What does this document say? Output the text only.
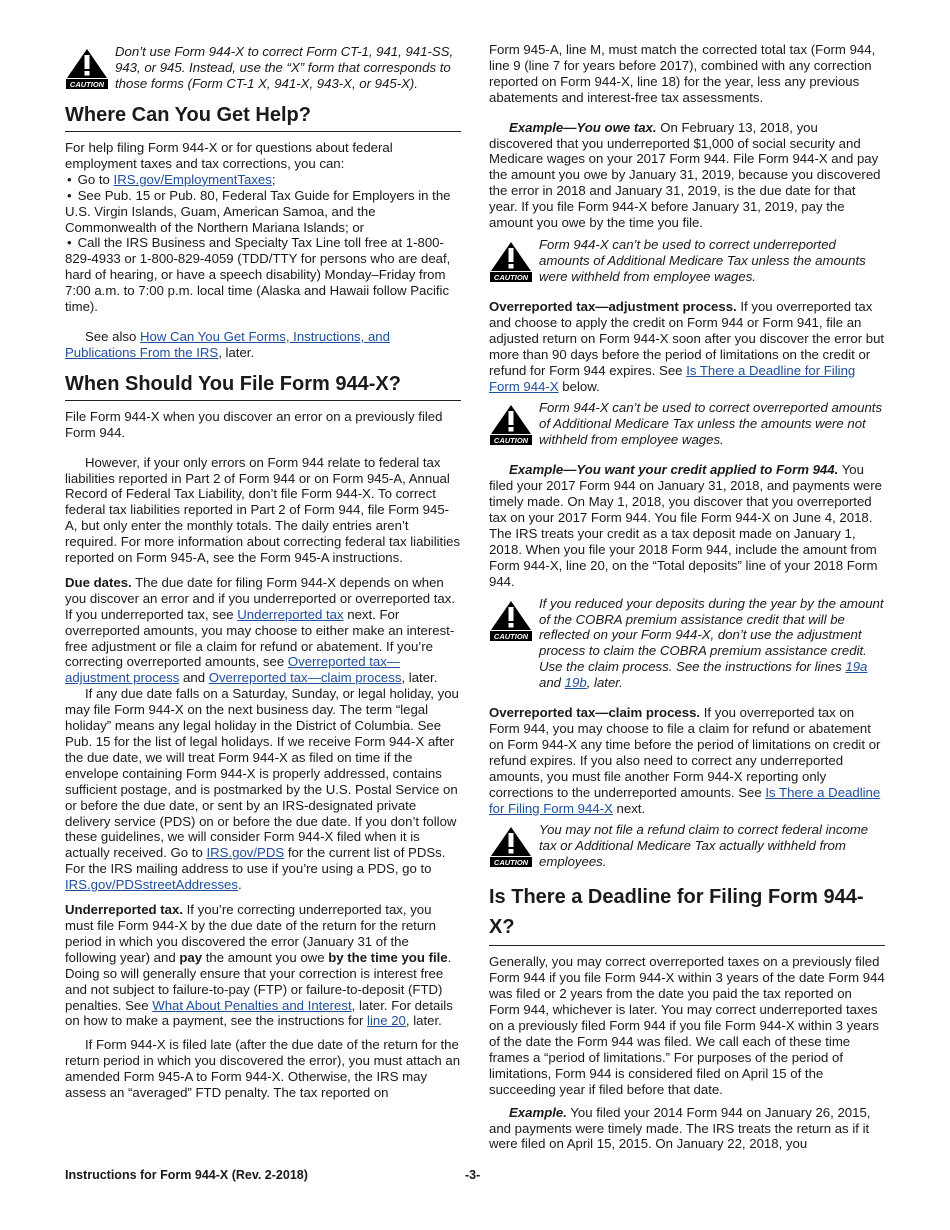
CAUTION
Don’t use Form 944-X to correct Form CT-1, 941, 941-SS, 943, or 945. Instead, use the “X” form that corresponds to those forms (Form CT-1 X, 941-X, 943-X, or 945-X).
Where Can You Get Help?

For help filing Form 944-X or for questions about federal employment taxes and tax corrections, you can:

• Go to IRS.gov/EmploymentTaxes;

• See Pub. 15 or Pub. 80, Federal Tax Guide for Employers in the U.S. Virgin Islands, Guam, American Samoa, and the Commonwealth of the Northern Mariana Islands; or

• Call the IRS Business and Specialty Tax Line toll free at 1-800-829-4933 or 1-800-829-4059 (TDD/TTY for persons who are deaf, hard of hearing, or have a speech disability) Monday–Friday from 7:00 a.m. to 7:00 p.m. local time (Alaska and Hawaii follow Pacific time).

See also How Can You Get Forms, Instructions, and Publications From the IRS, later.

When Should You File Form 944-X?

File Form 944-X when you discover an error on a previously filed Form 944.

However, if your only errors on Form 944 relate to federal tax liabilities reported in Part 2 of Form 944 or on Form 945-A, Annual Record of Federal Tax Liability, don’t file Form 944-X. To correct federal tax liabilities reported in Part 2 of Form 944, file Form 945-A, but only enter the monthly totals. The daily entries aren’t required. For more information about correcting federal tax liabilities reported on Form 945-A, see the Form 945-A instructions.

Due dates. The due date for filing Form 944-X depends on when you discover an error and if you underreported or overreported tax. If you underreported tax, see Underreported tax next. For overreported amounts, you may choose to either make an interest-free adjustment or file a claim for refund or abatement. If you’re correcting overreported amounts, see Overreported tax—adjustment process and Overreported tax—claim process, later.

If any due date falls on a Saturday, Sunday, or legal holiday, you may file Form 944-X on the next business day. The term “legal holiday” means any legal holiday in the District of Columbia. See Pub. 15 for the list of legal holidays. If we receive Form 944-X after the due date, we will treat Form 944-X as filed on time if the envelope containing Form 944-X is properly addressed, contains sufficient postage, and is postmarked by the U.S. Postal Service on or before the due date, or sent by an IRS-designated private delivery service (PDS) on or before the due date. If you don’t follow these guidelines, we will consider Form 944-X filed when it is actually received. Go to IRS.gov/PDS for the current list of PDSs. For the IRS mailing address to use if you’re using a PDS, go to IRS.gov/PDSstreetAddresses.

Underreported tax. If you’re correcting underreported tax, you must file Form 944-X by the due date of the return for the return period in which you discovered the error (January 31 of the following year) and pay the amount you owe by the time you file. Doing so will generally ensure that your correction is interest free and not subject to failure-to-pay (FTP) or failure-to-deposit (FTD) penalties. See What About Penalties and Interest, later. For details on how to make a payment, see the instructions for line 20, later.

If Form 944-X is filed late (after the due date of the return for the return period in which you discovered the error), you must attach an amended Form 945-A to Form 944-X. Otherwise, the IRS may assess an “averaged” FTD penalty. The tax reported on

Form 945-A, line M, must match the corrected total tax (Form 944, line 9 (line 7 for years before 2017), combined with any correction reported on Form 944-X, line 18) for the year, less any previous abatements and interest-free tax assessments.

Example—You owe tax. On February 13, 2018, you discovered that you underreported $1,000 of social security and Medicare wages on your 2017 Form 944. File Form 944-X and pay the amount you owe by January 31, 2019, because you discovered the error in 2018 and January 31, 2019, is the due date for that year. If you file Form 944-X before January 31, 2019, pay the amount you owe by the time you file.

CAUTION
Form 944-X can’t be used to correct underreported amounts of Additional Medicare Tax unless the amounts were withheld from employee wages.

Overreported tax—adjustment process. If you overreported tax and choose to apply the credit on Form 944 or Form 941, file an adjusted return on Form 944-X soon after you discover the error but more than 90 days before the period of limitations on the credit or refund for Form 944 expires. See Is There a Deadline for Filing Form 944-X below.

CAUTION
Form 944-X can’t be used to correct overreported amounts of Additional Medicare Tax unless the amounts were not withheld from employee wages.

Example—You want your credit applied to Form 944. You filed your 2017 Form 944 on January 31, 2018, and payments were timely made. On May 1, 2018, you discover that you overreported tax on your 2017 Form 944. You file Form 944-X on June 4, 2018. The IRS treats your credit as a tax deposit made on January 1, 2018. When you file your 2018 Form 944, include the amount from Form 944-X, line 20, on the “Total deposits” line of your 2018 Form 944.

CAUTION
If you reduced your deposits during the year by the amount of the COBRA premium assistance credit that will be reflected on your Form 944-X, don’t use the adjustment process to claim the COBRA premium assistance credit. Use the claim process. See the instructions for lines 19a and 19b, later.

Overreported tax—claim process. If you overreported tax on Form 944, you may choose to file a claim for refund or abatement on Form 944-X any time before the period of limitations on credit or refund expires. If you also need to correct any underreported amounts, you must file another Form 944-X reporting only corrections to the underreported amounts. See Is There a Deadline for Filing Form 944-X next.

CAUTION
You may not file a refund claim to correct federal income tax or Additional Medicare Tax actually withheld from employees.
Is There a Deadline for Filing Form 944-X?

Generally, you may correct overreported taxes on a previously filed Form 944 if you file Form 944-X within 3 years of the date Form 944 was filed or 2 years from the date you paid the tax reported on Form 944, whichever is later. You may correct underreported taxes on a previously filed Form 944 if you file Form 944-X within 3 years of the date the Form 944 was filed. We call each of these time frames a “period of limitations.” For purposes of the period of limitations, Form 944 is considered filed on April 15 of the succeeding year if filed before that date.

Example. You filed your 2014 Form 944 on January 26, 2015, and payments were timely made. The IRS treats the return as if it were filed on April 15, 2015. On January 22, 2018, you

Instructions for Form 944-X (Rev. 2-2018)	-3-
